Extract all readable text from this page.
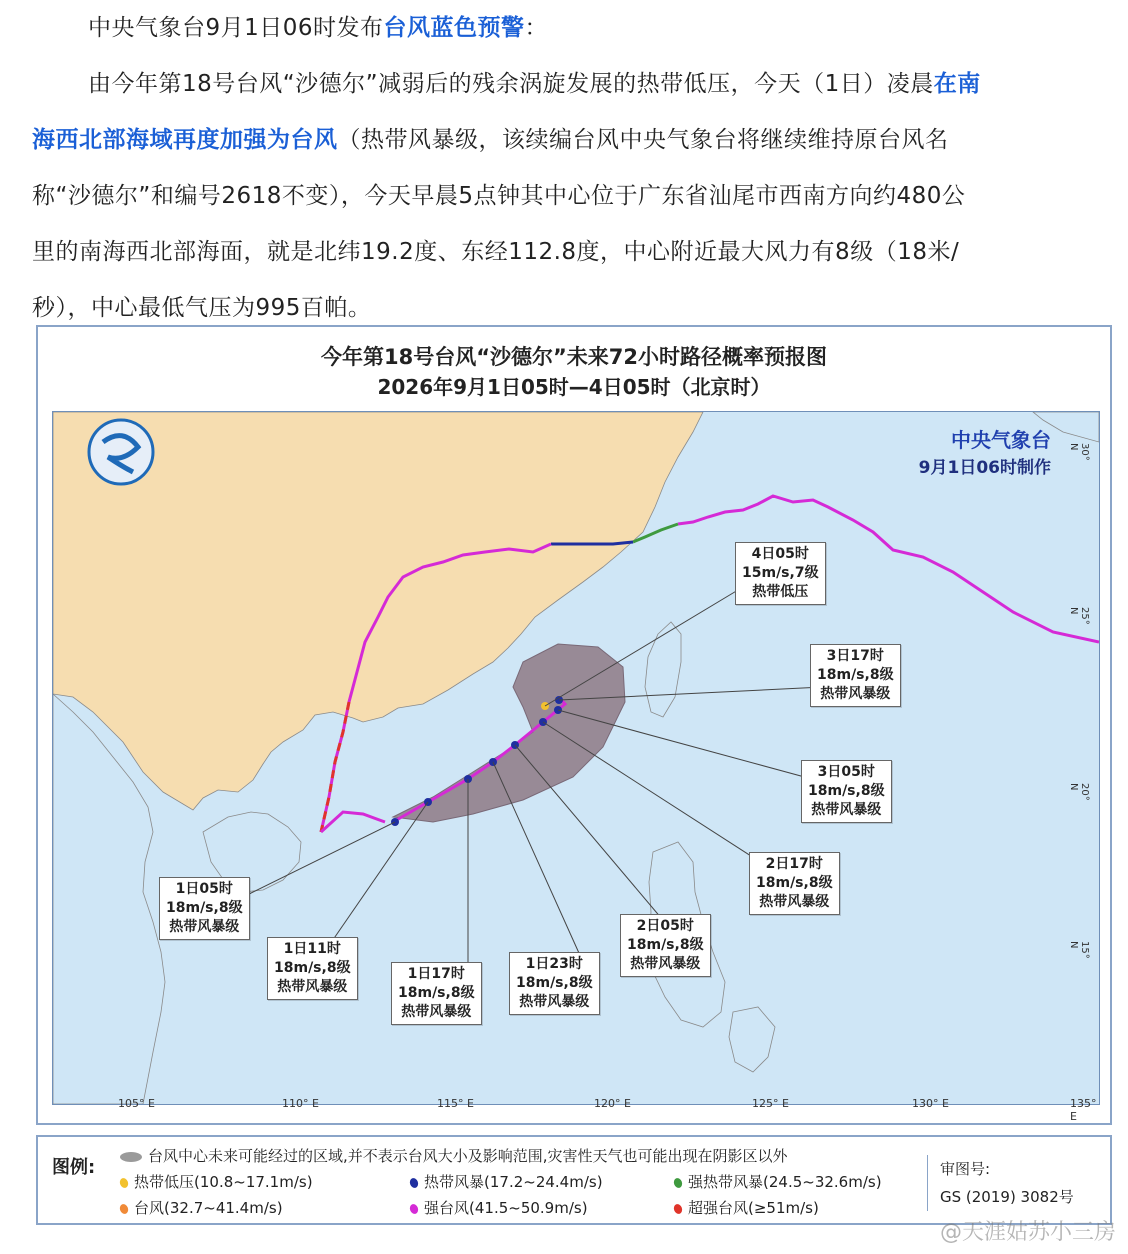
中央气象台9月1日06时发布台风蓝色预警：
由今年第18号台风“沙德尔”减弱后的残余涡旋发展的热带低压，今天（1日）凌晨在南
海西北部海域再度加强为台风（热带风暴级，该续编台风中央气象台将继续维持原台风名
称“沙德尔”和编号2618不变），今天早晨5点钟其中心位于广东省汕尾市西南方向约480公
里的南海西北部海面，就是北纬19.2度、东经112.8度，中心附近最大风力有8级（18米/
秒），中心最低气压为995百帕。
今年第18号台风“沙德尔”未来72小时路径概率预报图
2026年9月1日05时—4日05时（北京时）
中央气象台
9月1日06时制作
4日05时
15m/s,7级
热带低压
3日17时
18m/s,8级
热带风暴级
3日05时
18m/s,8级
热带风暴级
2日17时
18m/s,8级
热带风暴级
2日05时
18m/s,8级
热带风暴级
1日23时
18m/s,8级
热带风暴级
1日17时
18m/s,8级
热带风暴级
1日11时
18m/s,8级
热带风暴级
1日05时
18m/s,8级
热带风暴级
105° E	110° E	115° E	120° E	125° E	130° E	135° E
30° N
25° N
20° N
15° N
图例:
台风中心未来可能经过的区域,并不表示台风大小及影响范围,灾害性天气也可能出现在阴影区以外
热带低压(10.8~17.1m/s)	热带风暴(17.2~24.4m/s)	强热带风暴(24.5~32.6m/s)
台风(32.7~41.4m/s)	强台风(41.5~50.9m/s)	超强台风(≥51m/s)
审图号:
GS (2019) 3082号
@天涯姑苏小三房
